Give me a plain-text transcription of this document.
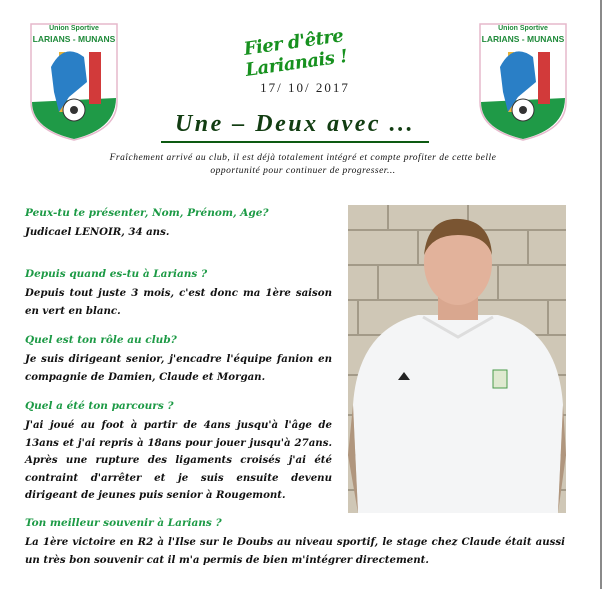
Union Sportive
LARIANS - MUNANS
Union Sportive
LARIANS - MUNANS
Fier d'être Larianais !
17/ 10/ 2017
Une – Deux avec ...
Fraîchement arrivé au club, il est déjà totalement intégré et compte profiter de cette belle opportunité pour continuer de progresser...
Peux-tu te présenter, Nom, Prénom, Age?
Judicael LENOIR, 34 ans.
Depuis quand es-tu à Larians ?
Depuis tout juste 3 mois, c'est donc ma 1ère saison en vert en blanc.
Quel est ton rôle au club?
Je suis dirigeant senior, j'encadre l'équipe fanion en compagnie de Damien, Claude et Morgan.
Quel a été ton parcours ?
J'ai joué au foot à partir de 4ans jusqu'à l'âge de 13ans et j'ai repris à 18ans pour jouer jusqu'à 27ans. Après une rupture des ligaments croisés j'ai été contraint d'arrêter et je suis ensuite devenu dirigeant de jeunes puis senior à Rougemont.
Ton meilleur souvenir à Larians ?
La 1ère victoire en R2 à l'Ilse sur le Doubs au niveau sportif, le stage chez Claude était aussi un très bon souvenir cat il m'a permis de bien m'intégrer directement.
